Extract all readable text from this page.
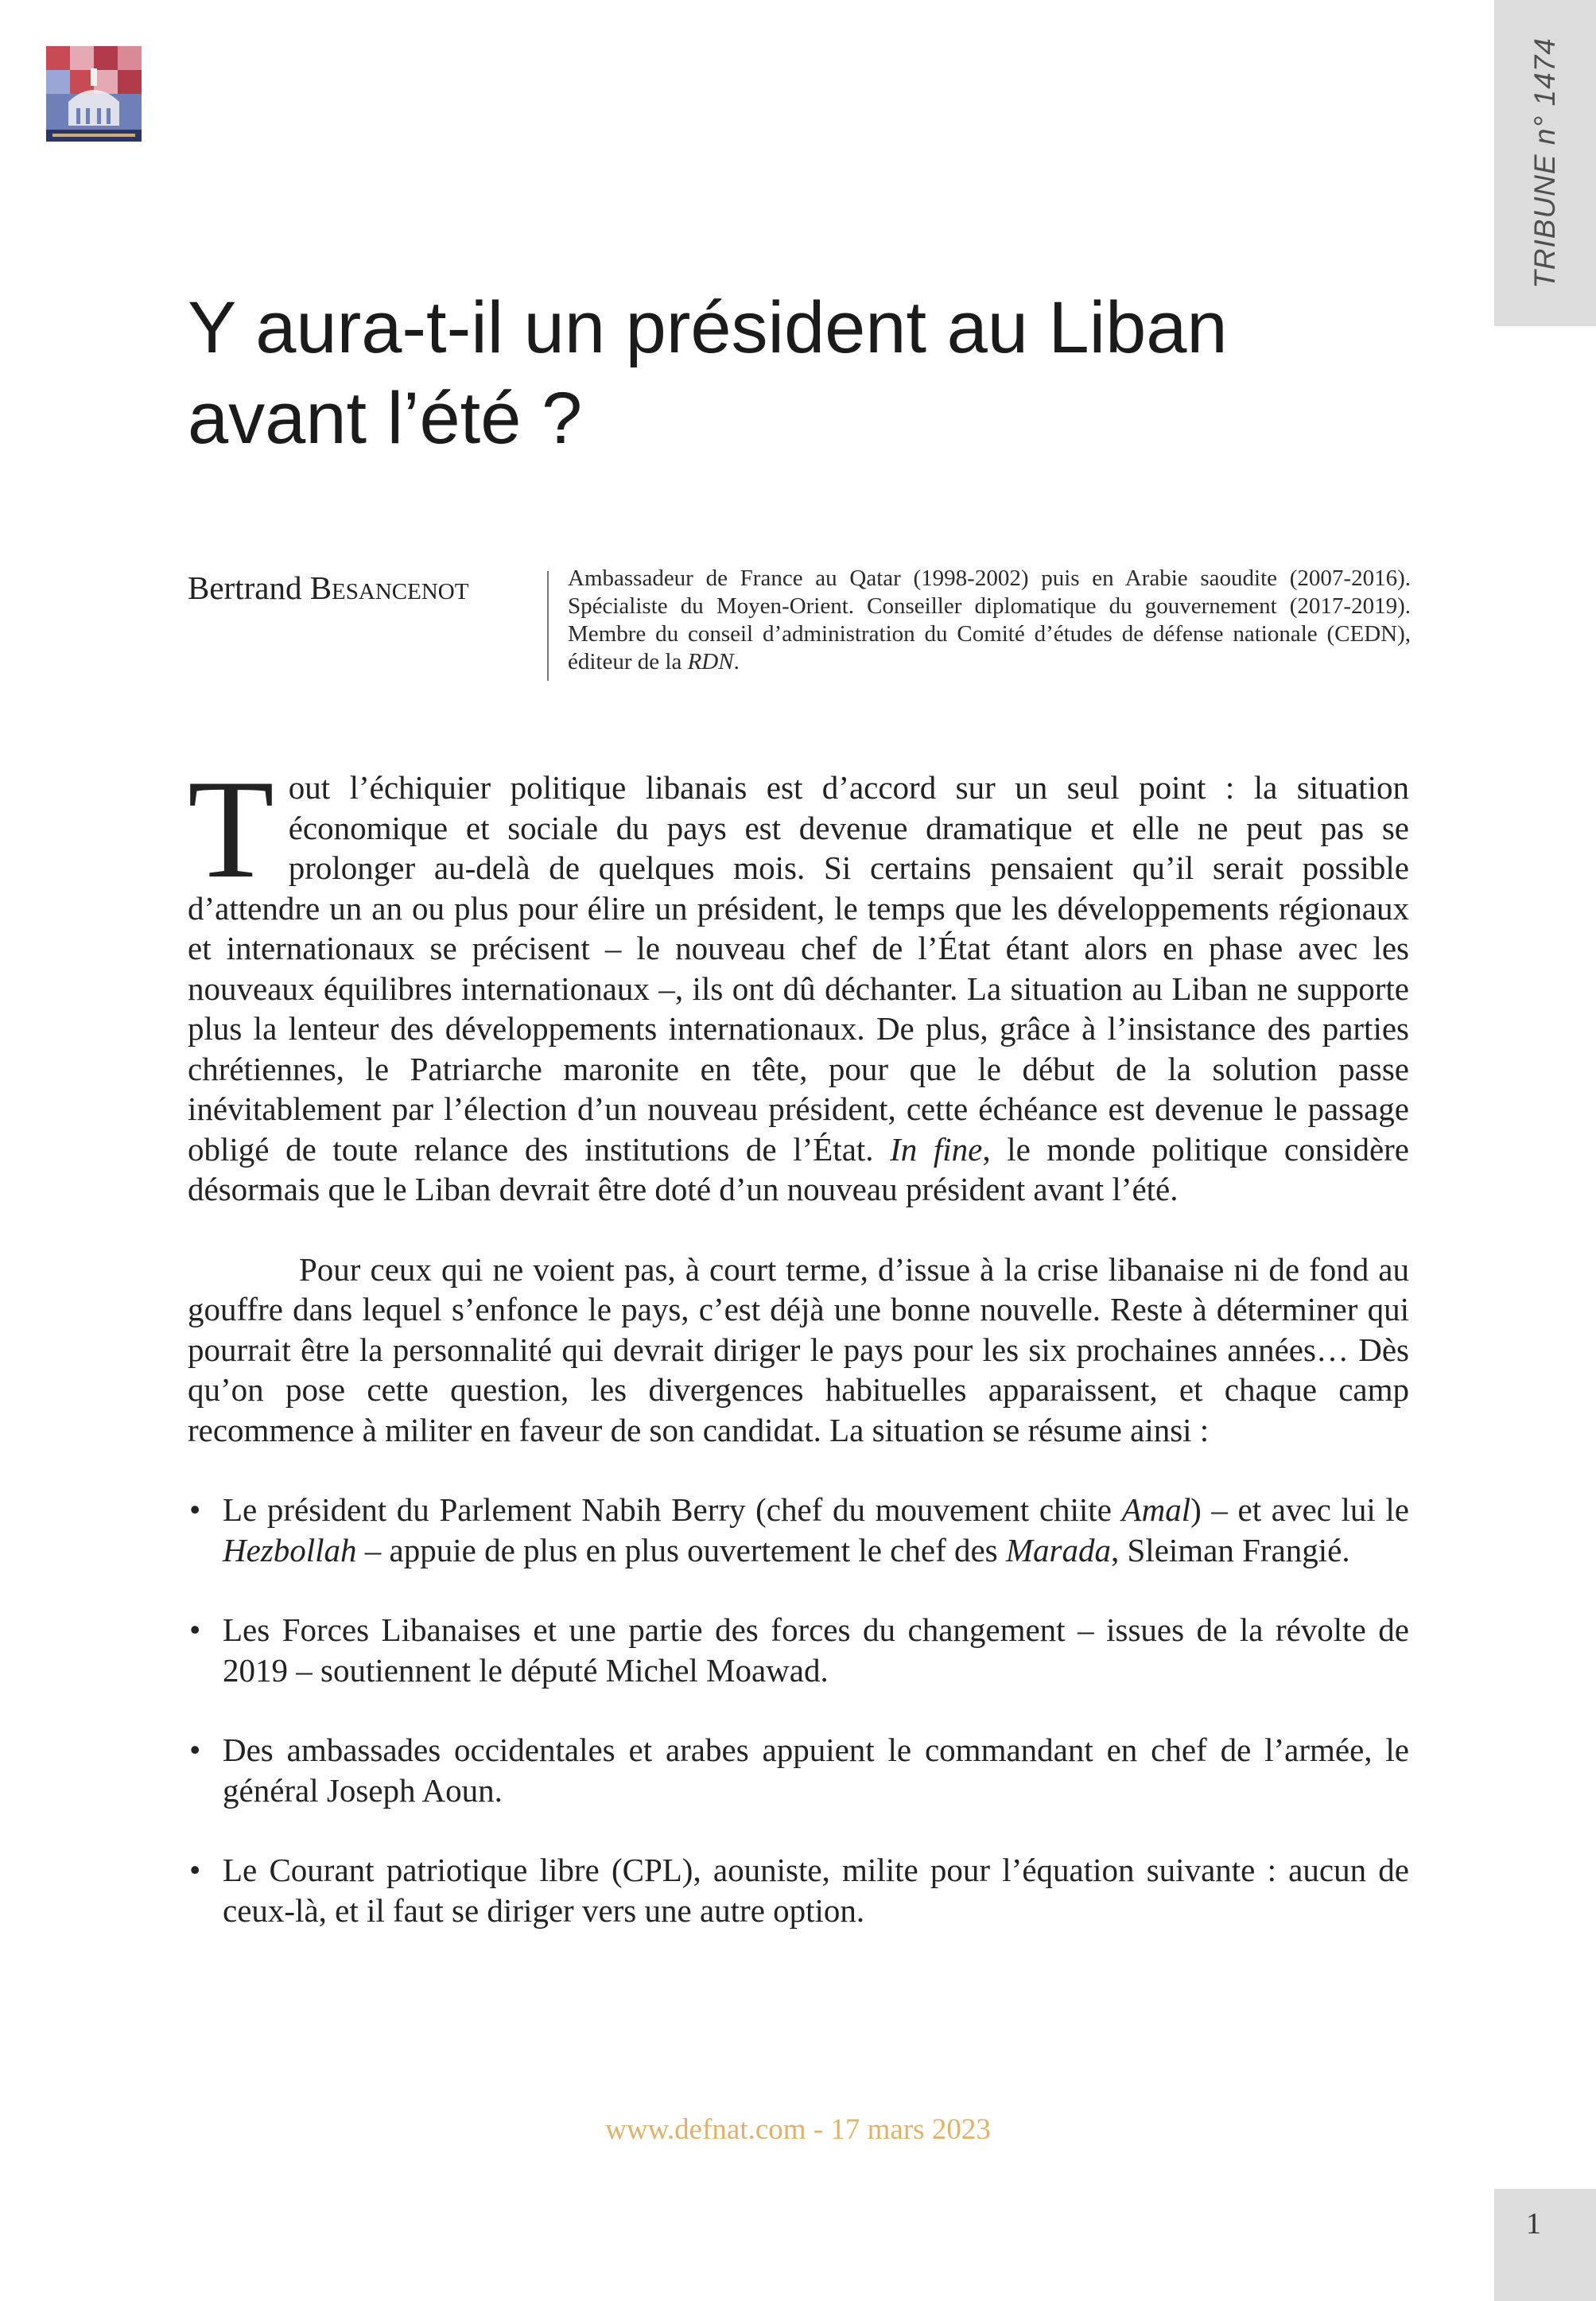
TRIBUNE n° 1474
Y aura-t-il un président au Liban
avant l’été ?
Bertrand Besancenot	Ambassadeur de France au Qatar (1998-2002) puis en Arabie saoudite (2007-2016). Spécialiste du Moyen-Orient. Conseiller diplomatique du gouvernement (2017-2019). Membre du conseil d’administration du Comité d’études de défense nationale (CEDN), éditeur de la RDN.

Tout l’échiquier politique libanais est d’accord sur un seul point : la situation économique et sociale du pays est devenue dramatique et elle ne peut pas se prolonger au-delà de quelques mois. Si certains pensaient qu’il serait possible d’attendre un an ou plus pour élire un président, le temps que les développements régionaux et internationaux se précisent – le nouveau chef de l’État étant alors en phase avec les nouveaux équilibres internationaux –, ils ont dû déchanter. La situation au Liban ne supporte plus la lenteur des développements internationaux. De plus, grâce à l’insistance des parties chrétiennes, le Patriarche maronite en tête, pour que le début de la solution passe inévitablement par l’élection d’un nouveau président, cette échéance est devenue le passage obligé de toute relance des institutions de l’État. In fine, le monde politique considère désormais que le Liban devrait être doté d’un nouveau président avant l’été.

Pour ceux qui ne voient pas, à court terme, d’issue à la crise libanaise ni de fond au gouffre dans lequel s’enfonce le pays, c’est déjà une bonne nouvelle. Reste à déterminer qui pourrait être la personnalité qui devrait diriger le pays pour les six prochaines années… Dès qu’on pose cette question, les divergences habituelles apparaissent, et chaque camp recommence à militer en faveur de son candidat. La situation se résume ainsi :

• Le président du Parlement Nabih Berry (chef du mouvement chiite Amal) – et avec lui le Hezbollah – appuie de plus en plus ouvertement le chef des Marada, Sleiman Frangié.
• Les Forces Libanaises et une partie des forces du changement – issues de la révolte de 2019 – soutiennent le député Michel Moawad.
• Des ambassades occidentales et arabes appuient le commandant en chef de l’armée, le général Joseph Aoun.
• Le Courant patriotique libre (CPL), aouniste, milite pour l’équation suivante : aucun de ceux-là, et il faut se diriger vers une autre option.
www.defnat.com - 17 mars 2023
1
